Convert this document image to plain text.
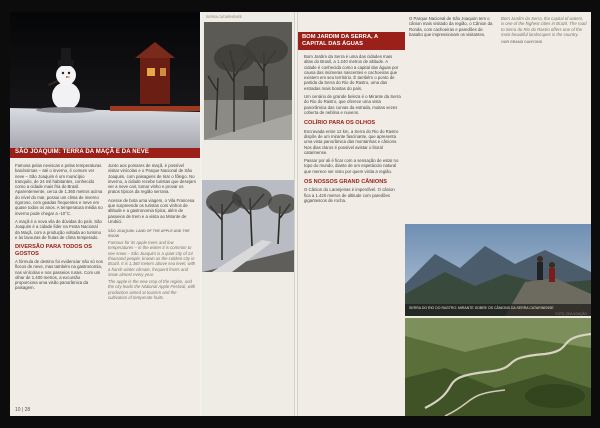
SÃO JOAQUIM: TERRA DA MAÇÃ E DA NEVE
Famosa pelas neviscas e pelas temperaturas baixíssimas – até o inverno, é comum ver neve – São Joaquim é um município tranquilo, de 24 mil habitantes, conhecido como a cidade mais fria do Brasil. Aparentemente, cerca de 1.360 metros acima do nível do mar, possui um clima de inverno rigoroso, com geadas frequentes e neve em quase todos os anos. A temperatura média no inverno pode chegar a -10°C.
A maçã é a nova vila de dúvidas do país. São Joaquim é a cidade líder na Festa Nacional da Maçã, com a produção voltada ao turismo e às lavouras de frutas de clima temperado.
DIVERSÃO PARA TODOS OS GOSTOS
A fórmula de destino foi evidenciar não só nos flocos de neve, mas também na gastronomia, nas vinícolas e nos passeios rurais. Com um olhar de 1.400 metros, a excursão proporciona uma visão panorâmica da paisagem.
Junto aos pomares de maçã, é possível visitar vinícolas e o Parque Nacional de São Joaquim, com paisagens de tirar o fôlego. No inverno, a cidade recebe turistas que desejam ver a neve cair, tomar vinho e provar os pratos típicos da região serrana.
Acesse de bota uma viagem, o Vila Francesa que surpreende os turistas com vinhos de altitude e a gastronomia típica, além de passeios de trem e a visita ao Mirante de Urubici.
SÃO JOAQUIM: LAND OF THE APPLE AND THE SNOW
Famous for its apple trees and low temperatures – in the winter it is common to see snow – São Joaquim is a quiet city of 24 thousand people, known as the coldest city in Brazil. It is 1,360 meters above sea level, with a harsh winter climate, frequent frosts and snow almost every year.
The apple is the new crop of the region, and the city leads the National Apple Festival, with production aimed at tourism and the cultivation of temperate fruits.
10 | 28
SERRA CATARINENSE
BOM JARDIM DA SERRA, A CAPITAL DAS ÁGUAS
Bom Jardim da Serra é uma das cidades mais altas do Brasil, a 1.240 metros de altitude. A cidade é conhecida como a capital das águas por causa das inúmeras nascentes e cachoeiras que existem em seu território. É também o ponto de partida da Serra do Rio do Rastro, uma das estradas mais bonitas do país.
Um cenário de grande beleza é o Mirante da Serra do Rio do Rastro, que oferece uma vista panorâmica das curvas da estrada, muitas vezes coberta de neblina e nuvens.
COLÍRIO PARA OS OLHOS
Encravada entre 12 km, a Serra do Rio do Rastro dispõe de um mirante fascinante, que apresenta uma vista panorâmica das montanhas e cânions. Nos dias claros é possível avistar o litoral catarinense.
Passar por ali é ficar com a sensação de estar no topo do mundo, diante de um espetáculo natural que merece ser visto por quem visita a região.
OS NOSSOS GRAND CÂNIONS
O Cânion do Laranjeiras é imperdível. O cânion fica a 1.420 metros de altitude com paredões gigantescos de rocha.
O Parque Nacional de São Joaquim tem o cânion mais visitado da região, o Cânion da Ronda, com cachoeiras e paredões de basalto que impressionam os visitantes.
Bom Jardim da Serra, the capital of waters, is one of the highest cities in Brazil. The road to Serra do Rio do Rastro offers one of the most beautiful landscapes in the country.
OUR GRAND CANYONS
SERRA DO RIO DO RASTRO: MIRANTE SOBRE OS CÂNIONS DA SERRA CATARINENSE
FOTO: DIVULGAÇÃO
